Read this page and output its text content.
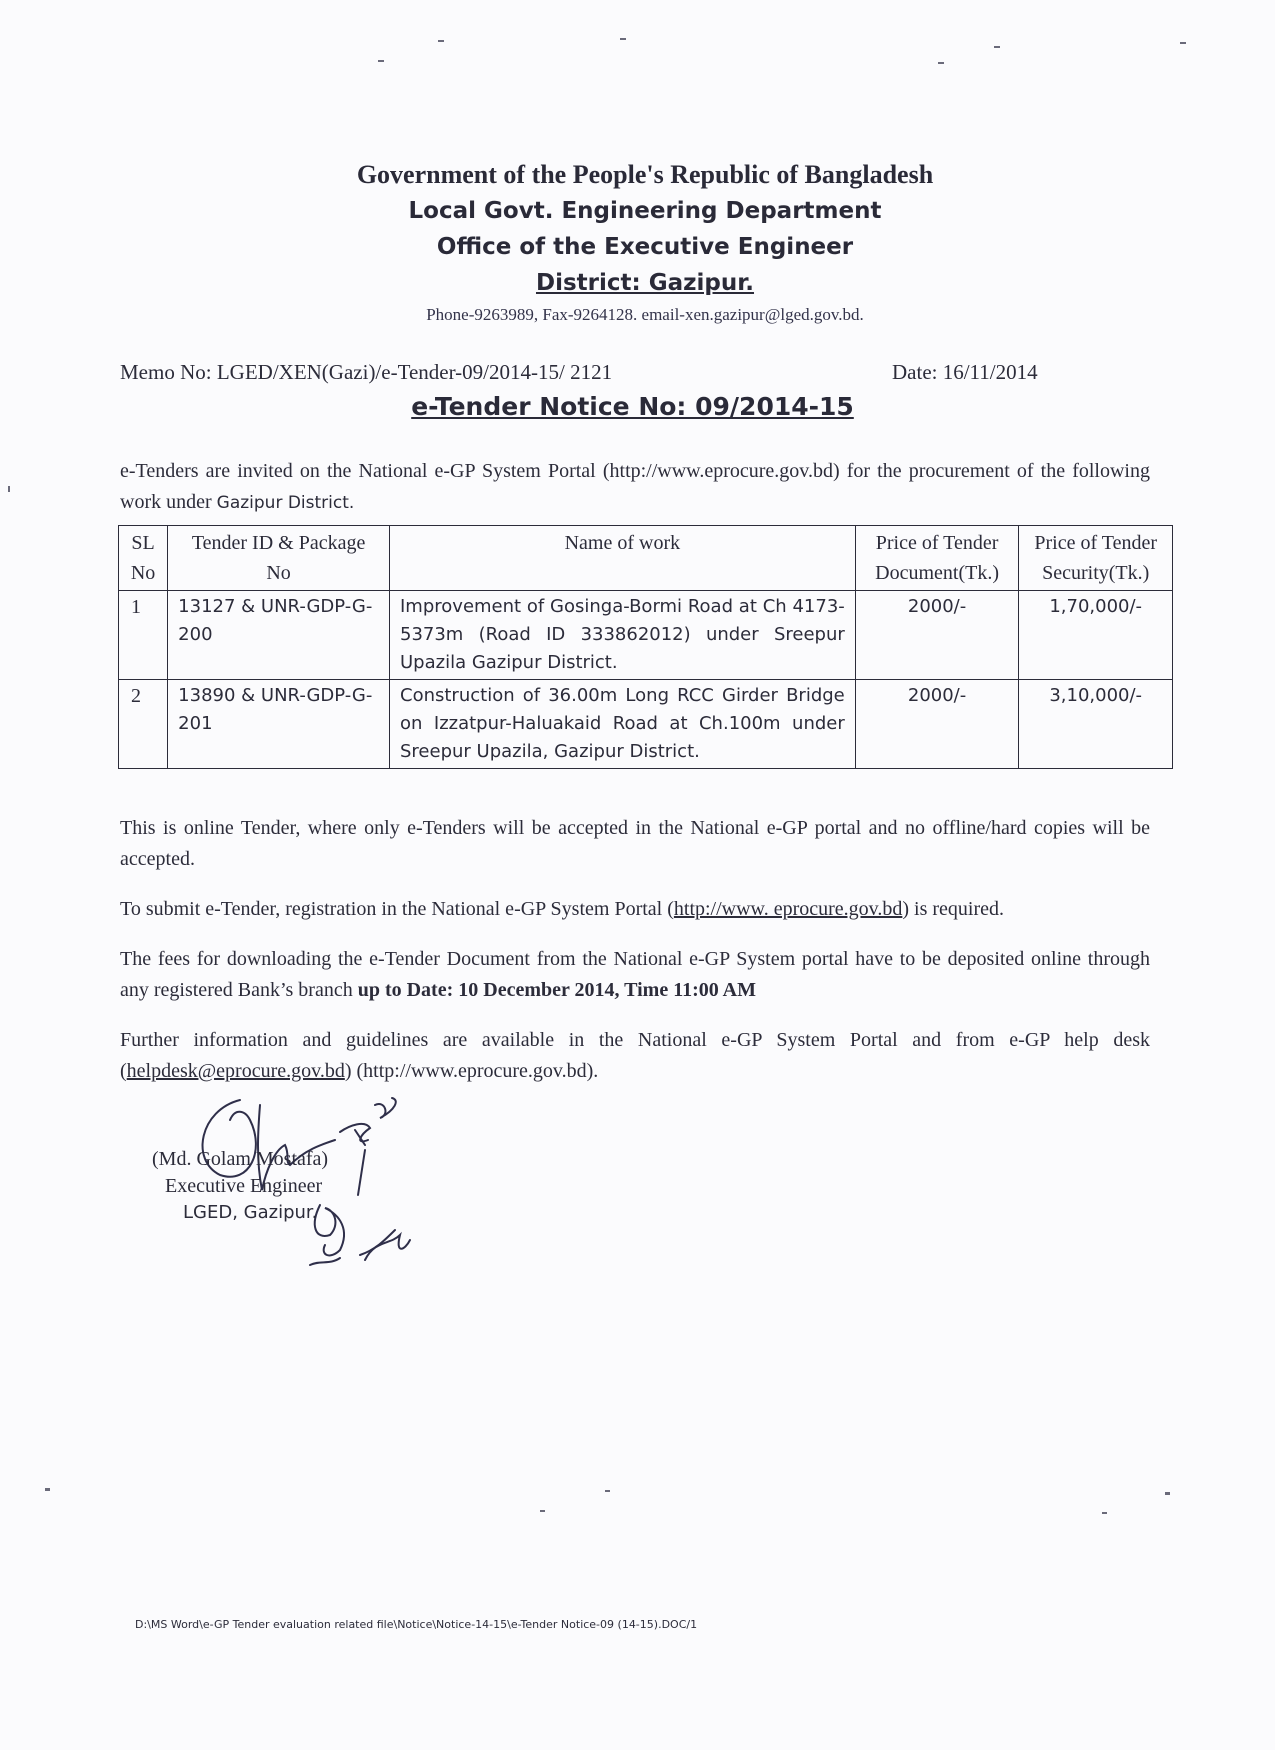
Government of the People's Republic of Bangladesh
Local Govt. Engineering Department
Office of the Executive Engineer
District: Gazipur.
Phone-9263989, Fax-9264128. email-xen.gazipur@lged.gov.bd.
Memo No: LGED/XEN(Gazi)/e-Tender-09/2014-15/ 2121	Date: 16/11/2014
e-Tender Notice No: 09/2014-15
e-Tenders are invited on the National e-GP System Portal (http://www.eprocure.gov.bd) for the procurement of the following work under Gazipur District.
SL No	Tender ID & Package No	Name of work	Price of Tender Document(Tk.)	Price of Tender Security(Tk.)
1	13127 & UNR-GDP-G-200	Improvement of Gosinga-Bormi Road at Ch 4173-5373m (Road ID 333862012) under Sreepur Upazila Gazipur District.	2000/-	1,70,000/-
2	13890 & UNR-GDP-G-201	Construction of 36.00m Long RCC Girder Bridge on Izzatpur-Haluakaid Road at Ch.100m under Sreepur Upazila, Gazipur District.	2000/-	3,10,000/-
This is online Tender, where only e-Tenders will be accepted in the National e-GP portal and no offline/hard copies will be accepted.
To submit e-Tender, registration in the National e-GP System Portal (http://www. eprocure.gov.bd) is required.
The fees for downloading the e-Tender Document from the National e-GP System portal have to be deposited online through any registered Bank’s branch up to Date: 10 December 2014, Time 11:00 AM
Further information and guidelines are available in the National e-GP System Portal and from e-GP help desk (helpdesk@eprocure.gov.bd) (http://www.eprocure.gov.bd).
(Md. Golam Mostafa)
Executive Engineer
LGED, Gazipur.
D:\MS Word\e-GP Tender evaluation related file\Notice\Notice-14-15\e-Tender Notice-09 (14-15).DOC/1
